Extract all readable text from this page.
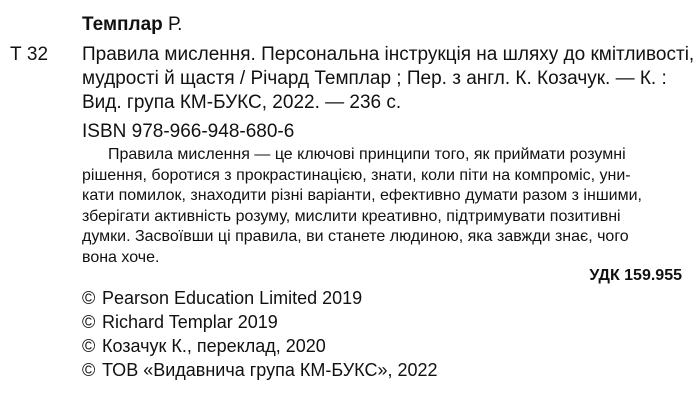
Темплар Р.
Т 32 Правила мислення. Персональна інструкція на шляху до кмітливості,
мудрості й щастя / Річард Темплар ; Пер. з англ. К. Козачук. — К. :
Вид. група КМ-БУКС, 2022. — 236 с.
ISBN 978-966-948-680-6
Правила мислення — це ключові принципи того, як приймати розумні
рішення, боротися з прокрастинацією, знати, коли піти на компроміс, уни-
кати помилок, знаходити різні варіанти, ефективно думати разом з іншими,
зберігати активність розуму, мислити креативно, підтримувати позитивні
думки. Засвоївши ці правила, ви станете людиною, яка завжди знає, чого
вона хоче.
УДК 159.955
© Pearson Education Limited 2019
© Richard Templar 2019
© Козачук К., переклад, 2020
© ТОВ «Видавнича група КМ-БУКС», 2022
